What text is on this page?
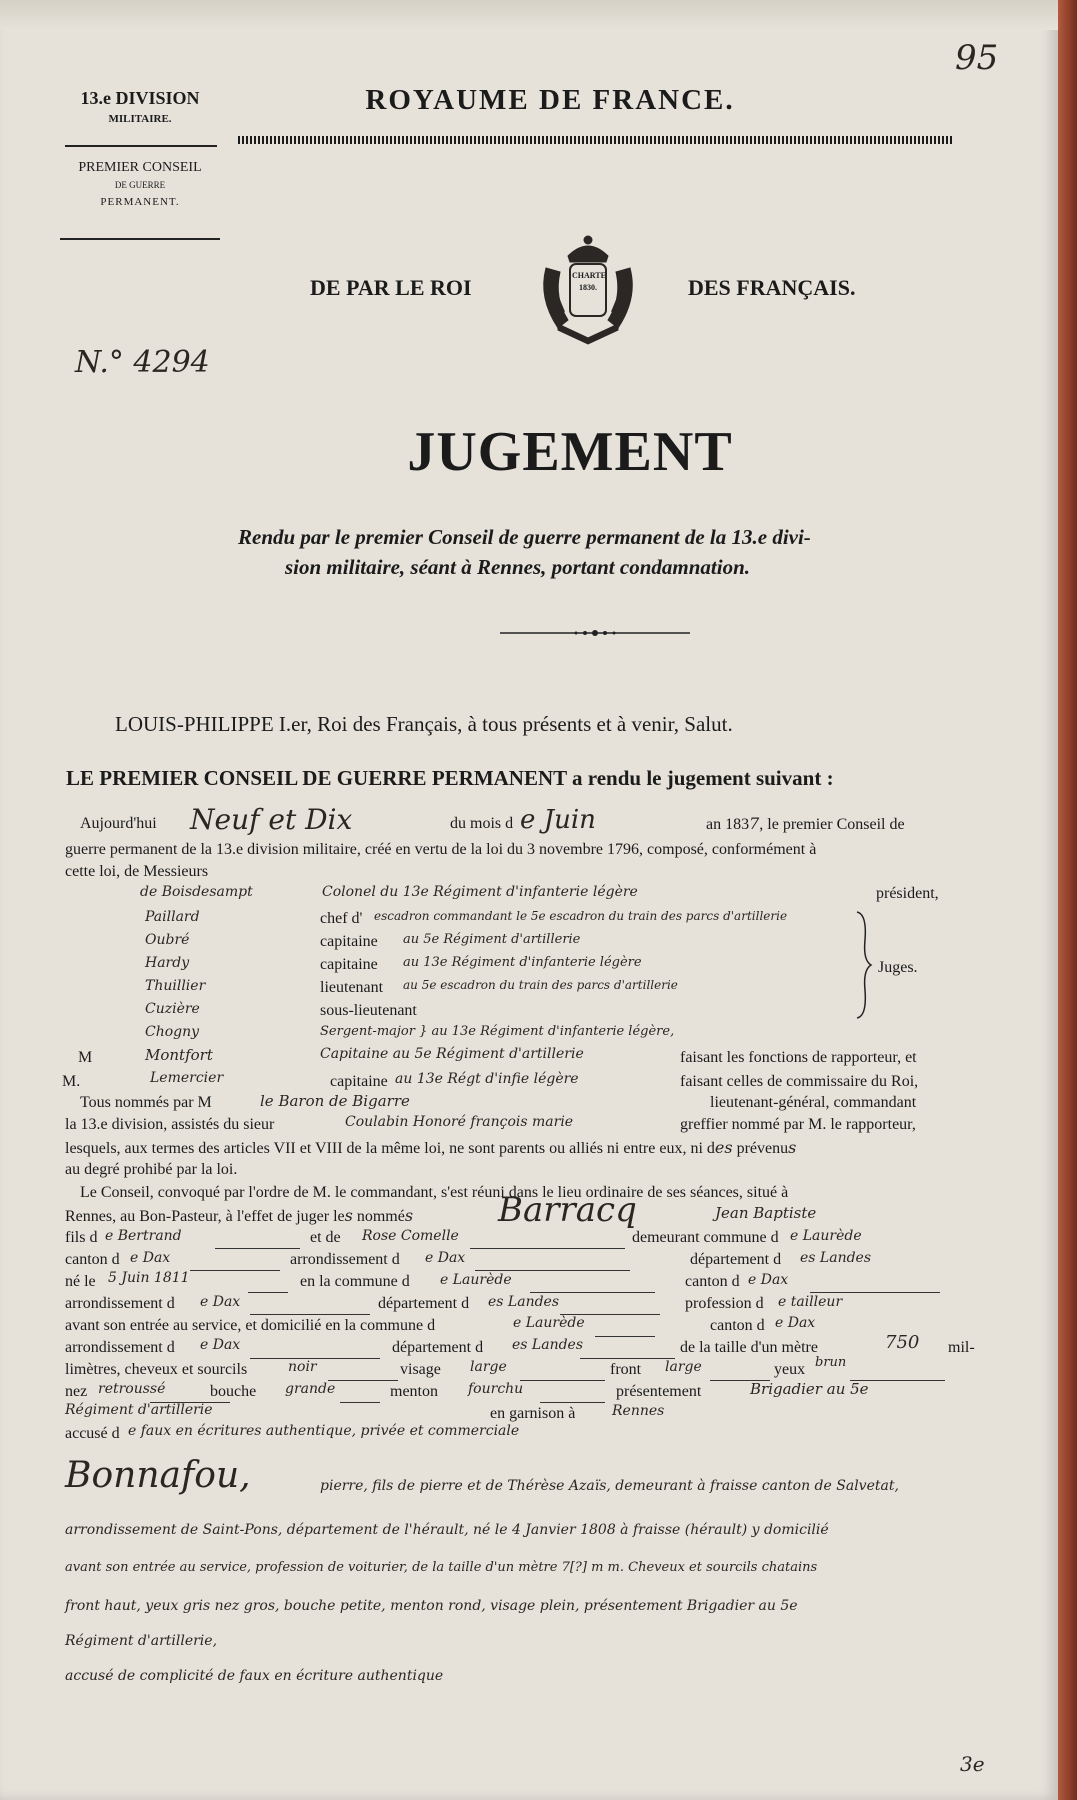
95
13.e DIVISION
MILITAIRE.
PREMIER CONSEIL
DE GUERRE
PERMANENT.
ROYAUME DE FRANCE.
DE PAR LE ROI	DES FRANÇAIS.
CHARTE 1830.
N.° 4294
JUGEMENT
Rendu par le premier Conseil de guerre permanent de la 13.e divi-
sion militaire, séant à Rennes, portant condamnation.
LOUIS-PHILIPPE I.er, Roi des Français, à tous présents et à venir, Salut.
LE PREMIER CONSEIL DE GUERRE PERMANENT a rendu le jugement suivant :
Aujourd'hui Neuf et Dix	du mois d e Juin	an 1837, le premier Conseil de
guerre permanent de la 13.e division militaire, créé en vertu de la loi du 3 novembre 1796, composé, conformément à
cette loi, de Messieurs
de Boisdesampt	Colonel du 13e Régiment d'infanterie légère
Paillard	chef d' escadron commandant le 5e escadron du train des parcs d'artillerie
Oubré	capitaine au 5e Régiment d'artillerie
Hardy	capitaine au 13e Régiment d'infanterie légère
Thuillier	lieutenant au 5e escadron du train des parcs d'artillerie
Cuzière	sous-lieutenant
Chogny	Sergent-major } au 13e Régiment d'infanterie légère,
président,
Juges.
M	Montfort	Capitaine au 5e Régiment d'artillerie	faisant les fonctions de rapporteur, et
M.	Lemercier	capitaine au 13e Régt d'infie légère	faisant celles de commissaire du Roi,
Tous nommés par M	le Baron de Bigarre	lieutenant-général, commandant
la 13.e division, assistés du sieur	Coulabin Honoré françois marie	greffier nommé par M. le rapporteur,
lesquels, aux termes des articles VII et VIII de la même loi, ne sont parents ou alliés ni entre eux, ni des prévenus
au degré prohibé par la loi.
Le Conseil, convoqué par l'ordre de M. le commandant, s'est réuni dans le lieu ordinaire de ses séances, situé à
Rennes, au Bon-Pasteur, à l'effet de juger les nommés Barracq	Jean Baptiste
fils d e Bertrand	et de Rose Comelle	demeurant commune d e Laurède
canton d e Dax	arrondissement d e Dax	département d es Landes
né le 5 Juin 1811	en la commune d e Laurède	canton d e Dax
arrondissement d e Dax	département d es Landes	profession d e tailleur
avant son entrée au service, et domicilié en la commune d	e Laurède	canton d e Dax
arrondissement d e Dax	département d es Landes	de la taille d'un mètre	750 mil-
limètres, cheveux et sourcils	noir	visage large	front large	yeux brun
nez retroussé	bouche grande	menton fourchu	présentement	Brigadier au 5e
Régiment d'artillerie	en garnison à	Rennes
accusé d e faux en écritures authentique, privée et commerciale
Bonnafou,	pierre, fils de pierre et de Thérèse Azaïs, demeurant à fraisse canton de Salvetat,
arrondissement de Saint-Pons, département de l'hérault, né le 4 Janvier 1808 à fraisse (hérault) y domicilié
avant son entrée au service, profession de voiturier, de la taille d'un mètre 7[?] m m. Cheveux et sourcils chatains
front haut, yeux gris nez gros, bouche petite, menton rond, visage plein, présentement Brigadier au 5e
Régiment d'artillerie,
accusé de complicité de faux en écriture authentique
3e
